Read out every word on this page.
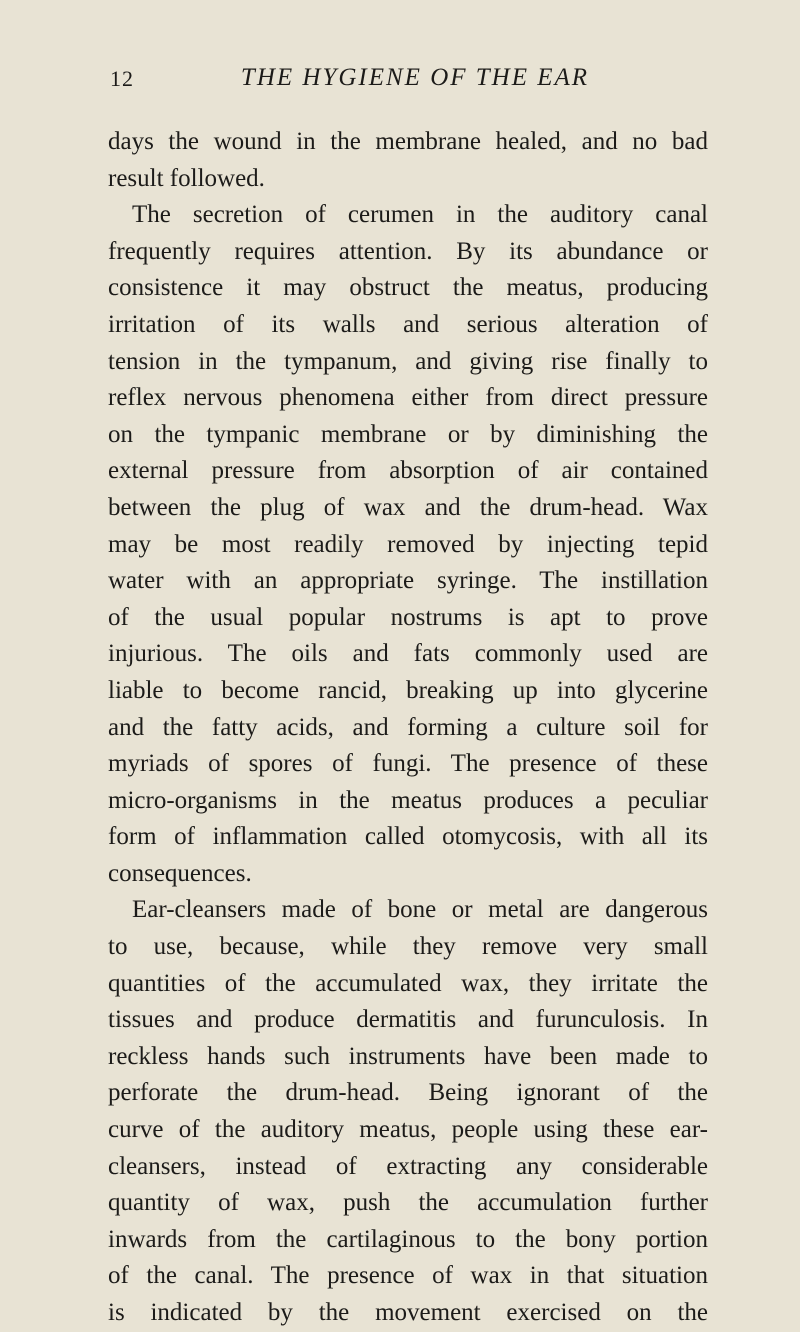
12	THE HYGIENE OF THE EAR
days the wound in the membrane healed, and no bad
result followed.
The secretion of cerumen in the auditory canal
frequently requires attention. By its abundance or
consistence it may obstruct the meatus, producing
irritation of its walls and serious alteration of
tension in the tympanum, and giving rise finally to
reflex nervous phenomena either from direct pressure
on the tympanic membrane or by diminishing the
external pressure from absorption of air contained
between the plug of wax and the drum-head. Wax
may be most readily removed by injecting tepid
water with an appropriate syringe. The instillation
of the usual popular nostrums is apt to prove
injurious. The oils and fats commonly used are
liable to become rancid, breaking up into glycerine
and the fatty acids, and forming a culture soil for
myriads of spores of fungi. The presence of these
micro-organisms in the meatus produces a peculiar
form of inflammation called otomycosis, with all its
consequences.
Ear-cleansers made of bone or metal are dangerous
to use, because, while they remove very small
quantities of the accumulated wax, they irritate the
tissues and produce dermatitis and furunculosis. In
reckless hands such instruments have been made to
perforate the drum-head. Being ignorant of the
curve of the auditory meatus, people using these ear-
cleansers, instead of extracting any considerable
quantity of wax, push the accumulation further
inwards from the cartilaginous to the bony portion
of the canal. The presence of wax in that situation
is indicated by the movement exercised on the
